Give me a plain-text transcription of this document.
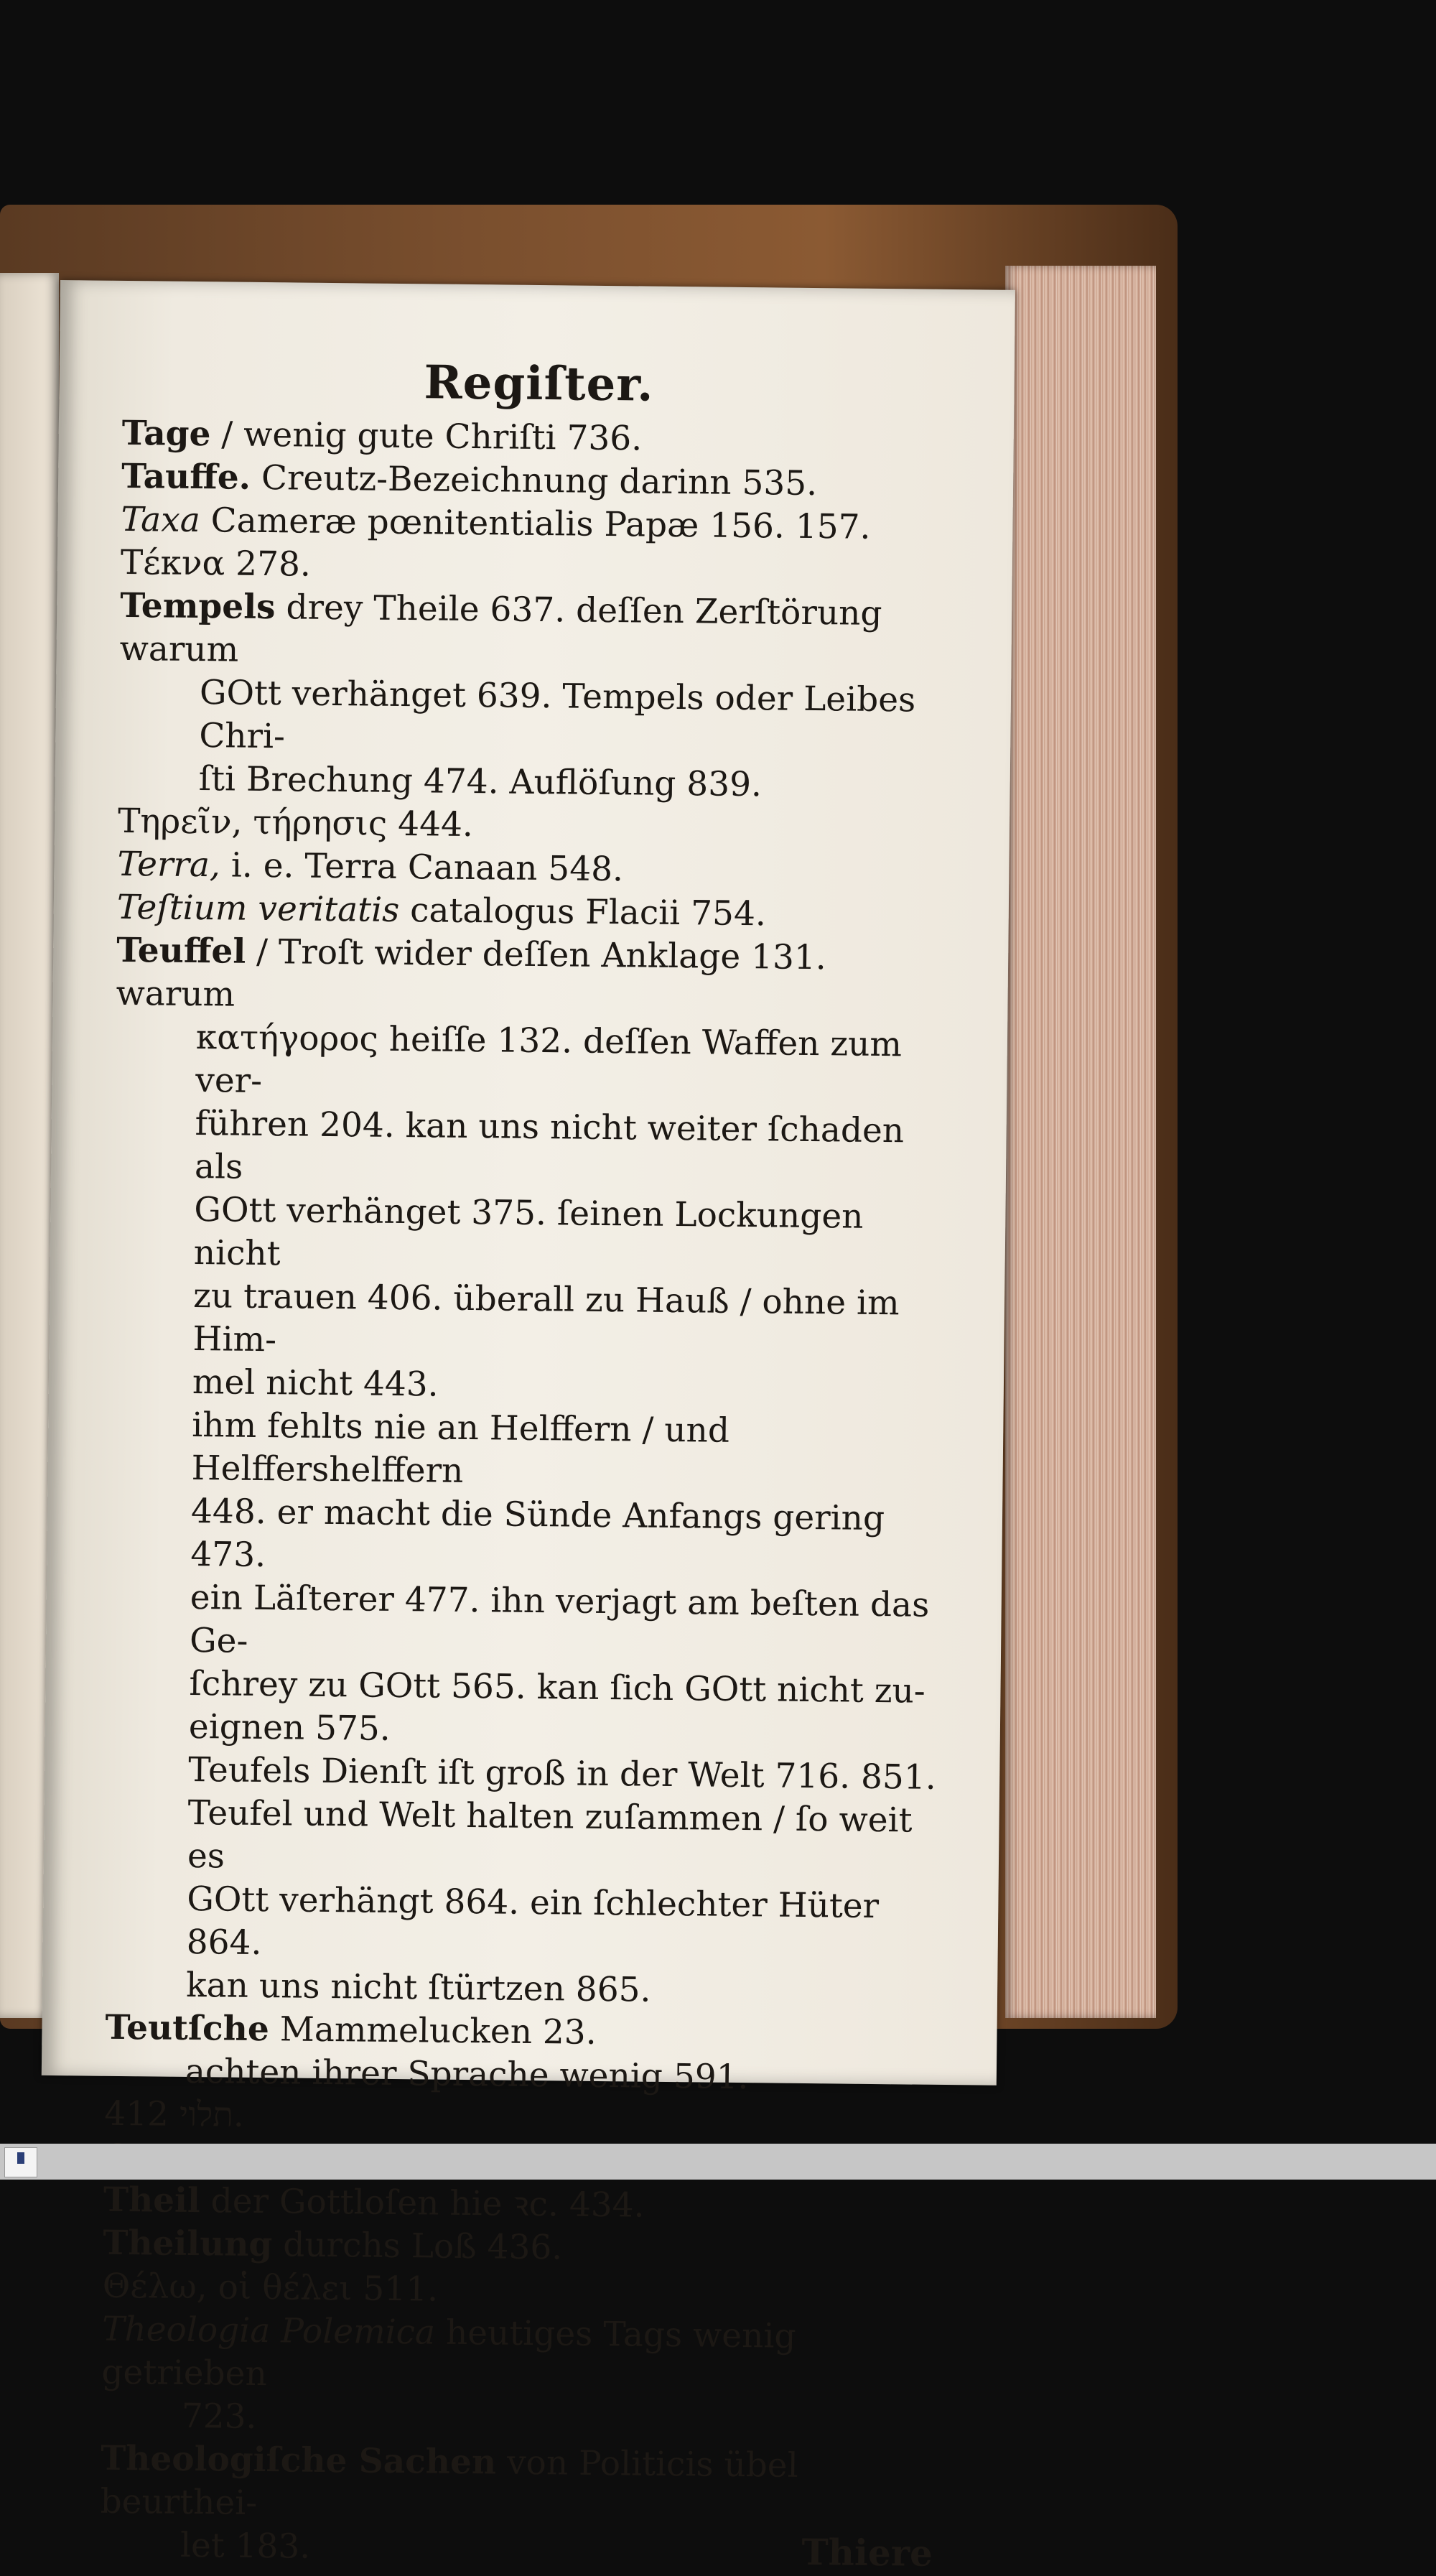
Regiſter.
Tage / wenig gute Chriſti 736.
Tauffe. Creutz-Bezeichnung darinn 535.
Taxa Cameræ pœnitentialis Papæ 156. 157.
Τέκνα 278.
Tempels drey Theile 637. deſſen Zerſtörung warum
GOtt verhänget 639. Tempels oder Leibes Chri-
ſti Brechung 474. Auflöſung 839.
Τηρεῖν, τήρησις 444.
Terra, i. e. Terra Canaan 548.
Teſtium veritatis catalogus Flacii 754.
Teuffel / Troſt wider deſſen Anklage 131. warum
κατήγορος heiſſe 132. deſſen Waffen zum ver-
führen 204. kan uns nicht weiter ſchaden als
GOtt verhänget 375. ſeinen Lockungen nicht
zu trauen 406. überall zu Hauß / ohne im Him-
mel nicht 443.
ihm fehlts nie an Helffern / und Helffershelffern
448. er macht die Sünde Anfangs gering 473.
ein Läſterer 477. ihn verjagt am beſten das Ge-
ſchrey zu GOtt 565. kan ſich GOtt nicht zu-
eignen 575.
Teufels Dienſt iſt groß in der Welt 716. 851.
Teufel und Welt halten zuſammen / ſo weit es
GOtt verhängt 864. ein ſchlechter Hüter 864.
kan uns nicht ſtürtzen 865.
Teutſche Mammelucken 23.
achten ihrer Sprache wenig 591.
תלוי 412.
Theil der Gottloſen hie ꝛc. 434.
Theilung durchs Loß 436.
Θέλω, οἱ θέλει 511.
Theologia Polemica heutiges Tags wenig getrieben
723.
Theologiſche Sachen von Politicis übel beurthei-
let 183.	Thiere
